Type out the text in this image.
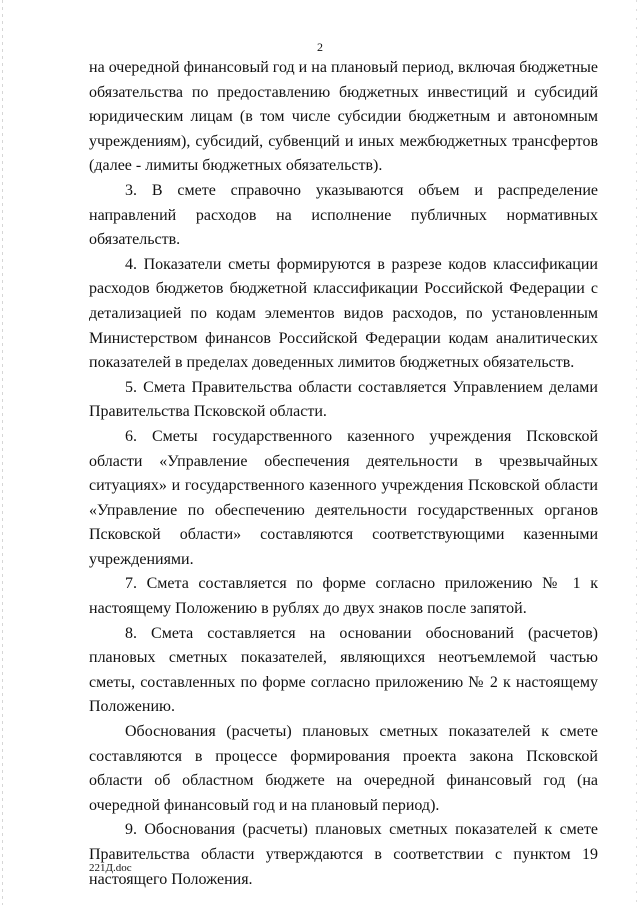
2

на очередной финансовый год и на плановый период, включая бюджетные обязательства по предоставлению бюджетных инвестиций и субсидий юридическим лицам (в том числе субсидии бюджетным и автономным учреждениям), субсидий, субвенций и иных межбюджетных трансфертов (далее - лимиты бюджетных обязательств).

3. В смете справочно указываются объем и распределение направлений расходов на исполнение публичных нормативных обязательств.

4. Показатели сметы формируются в разрезе кодов классификации расходов бюджетов бюджетной классификации Российской Федерации с детализацией по кодам элементов видов расходов, по установленным Министерством финансов Российской Федерации кодам аналитических показателей в пределах доведенных лимитов бюджетных обязательств.

5. Смета Правительства области составляется Управлением делами Правительства Псковской области.

6. Сметы государственного казенного учреждения Псковской области «Управление обеспечения деятельности в чрезвычайных ситуациях» и государственного казенного учреждения Псковской области «Управление по обеспечению деятельности государственных органов Псковской области» составляются соответствующими казенными учреждениями.

7. Смета составляется по форме согласно приложению № 1 к настоящему Положению в рублях до двух знаков после запятой.

8. Смета составляется на основании обоснований (расчетов) плановых сметных показателей, являющихся неотъемлемой частью сметы, составленных по форме согласно приложению № 2 к настоящему Положению.

Обоснования (расчеты) плановых сметных показателей к смете составляются в процессе формирования проекта закона Псковской области об областном бюджете на очередной финансовый год (на очередной финансовый год и на плановый период).

9. Обоснования (расчеты) плановых сметных показателей к смете Правительства области утверждаются в соответствии с пунктом 19 настоящего Положения.

221Д.doc
